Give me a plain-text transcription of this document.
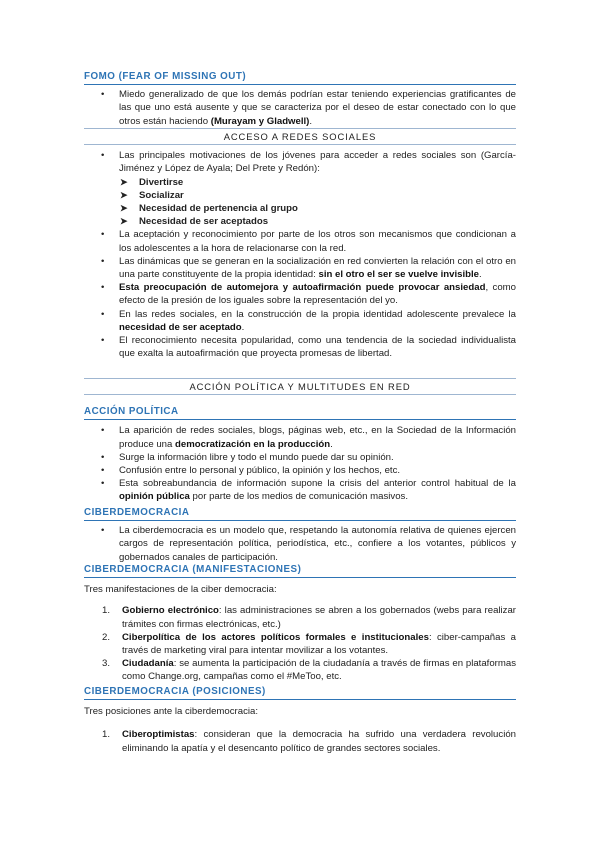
FOMO (FEAR OF MISSING OUT)
• Miedo generalizado de que los demás podrían estar teniendo experiencias gratificantes de las que uno está ausente y que se caracteriza por el deseo de estar conectado con lo que otros están haciendo (Murayam y Gladwell).
ACCESO A REDES SOCIALES
• Las principales motivaciones de los jóvenes para acceder a redes sociales son (García-Jiménez y López de Ayala; Del Prete y Redón):
➤ Divertirse
➤ Socializar
➤ Necesidad de pertenencia al grupo
➤ Necesidad de ser aceptados
• La aceptación y reconocimiento por parte de los otros son mecanismos que condicionan a los adolescentes a la hora de relacionarse con la red.
• Las dinámicas que se generan en la socialización en red convierten la relación con el otro en una parte constituyente de la propia identidad: sin el otro el ser se vuelve invisible.
• Esta preocupación de automejora y autoafirmación puede provocar ansiedad, como efecto de la presión de los iguales sobre la representación del yo.
• En las redes sociales, en la construcción de la propia identidad adolescente prevalece la necesidad de ser aceptado.
• El reconocimiento necesita popularidad, como una tendencia de la sociedad individualista que exalta la autoafirmación que proyecta promesas de libertad.
ACCIÓN POLÍTICA Y MULTITUDES EN RED
ACCIÓN POLÍTICA
• La aparición de redes sociales, blogs, páginas web, etc., en la Sociedad de la Información produce una democratización en la producción.
• Surge la información libre y todo el mundo puede dar su opinión.
• Confusión entre lo personal y público, la opinión y los hechos, etc.
• Esta sobreabundancia de información supone la crisis del anterior control habitual de la opinión pública por parte de los medios de comunicación masivos.
CIBERDEMOCRACIA
• La ciberdemocracia es un modelo que, respetando la autonomía relativa de quienes ejercen cargos de representación política, periodística, etc., confiere a los votantes, públicos y gobernados canales de participación.
CIBERDEMOCRACIA (MANIFESTACIONES)

Tres manifestaciones de la ciber democracia:

1. Gobierno electrónico: las administraciones se abren a los gobernados (webs para realizar trámites con firmas electrónicas, etc.)
2. Ciberpolítica de los actores políticos formales e institucionales: ciber-campañas a través de marketing viral para intentar movilizar a los votantes.
3. Ciudadanía: se aumenta la participación de la ciudadanía a través de firmas en plataformas como Change.org, campañas como el #MeToo, etc.
CIBERDEMOCRACIA (POSICIONES)

Tres posiciones ante la ciberdemocracia:

1. Ciberoptimistas: consideran que la democracia ha sufrido una verdadera revolución eliminando la apatía y el desencanto político de grandes sectores sociales.
